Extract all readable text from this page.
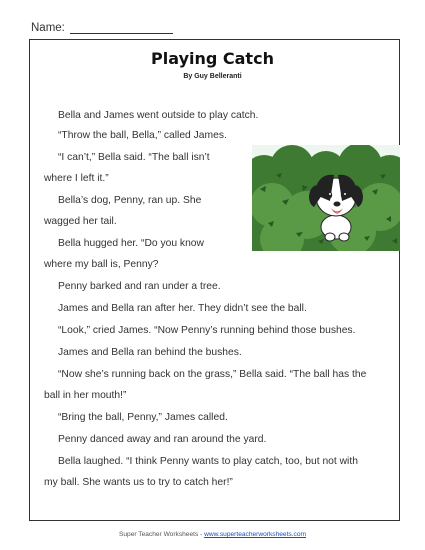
Name:
Playing Catch
By Guy Belleranti
Bella and James went outside to play catch.
“Throw the ball, Bella,” called James.
“I can’t,” Bella said. “The ball isn’t
where I left it.”
Bella’s dog, Penny, ran up. She
wagged her tail.
Bella hugged her. “Do you know
where my ball is, Penny?
Penny barked and ran under a tree.
James and Bella ran after her. They didn’t see the ball.
“Look,” cried James. “Now Penny’s running behind those bushes.
James and Bella ran behind the bushes.
“Now she’s running back on the grass,” Bella said. “The ball has the
ball in her mouth!”
“Bring the ball, Penny,” James called.
Penny danced away and ran around the yard.
Bella laughed. “I think Penny wants to play catch, too, but not with
my ball. She wants us to try to catch her!”
Super Teacher Worksheets - www.superteacherworksheets.com
